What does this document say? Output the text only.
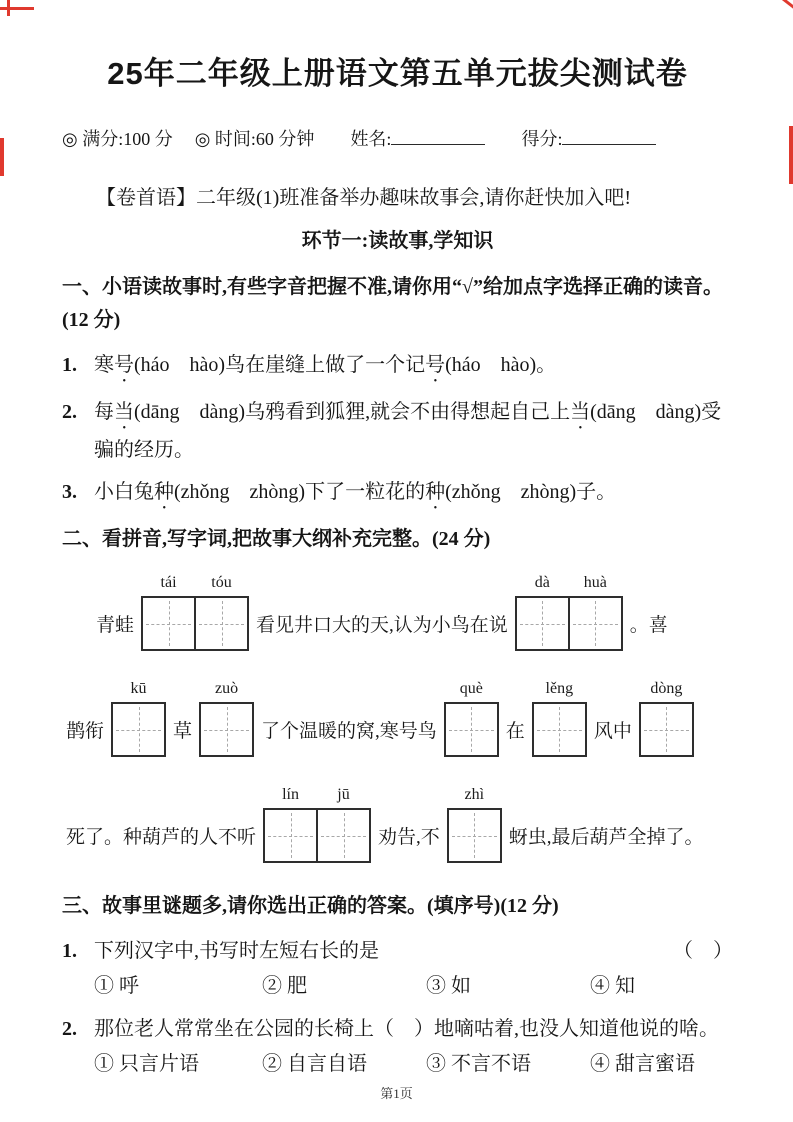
25年二年级上册语文第五单元拔尖测试卷
◎ 满分:100 分 ◎ 时间:60 分钟 姓名:	得分:

【卷首语】二年级(1)班准备举办趣味故事会,请你赶快加入吧!

环节一:读故事,学知识
一、小语读故事时,有些字音把握不准,请你用“√”给加点字选择正确的读音。(12 分)
1. 寒号(háo　hào)鸟在崖缝上做了一个记号(háo　hào)。
2. 每当(dāng　dàng)乌鸦看到狐狸,就会不由得想起自己上当(dāng　dàng)受骗的经历。
3. 小白兔种(zhǒng　zhòng)下了一粒花的种(zhǒng　zhòng)子。
二、看拼音,写字词,把故事大纲补充完整。(24 分)
青蛙
tái	tóu
看见井口大的天,认为小鸟在说
dà	huà
。喜
鹊衔
kū
草
zuò
了个温暖的窝,寒号鸟
què
在
lěng
风中
dòng
死了。种葫芦的人不听
lín	jū
劝告,不
zhì
蚜虫,最后葫芦全掉了。
三、故事里谜题多,请你选出正确的答案。(填序号)(12 分)
1. 下列汉字中,书写时左短右长的是	（　）
① 呼	② 肥	③ 如	④ 知
2. 那位老人常常坐在公园的长椅上（　）地嘀咕着,也没人知道他说的啥。
① 只言片语	② 自言自语	③ 不言不语	④ 甜言蜜语
第1页
